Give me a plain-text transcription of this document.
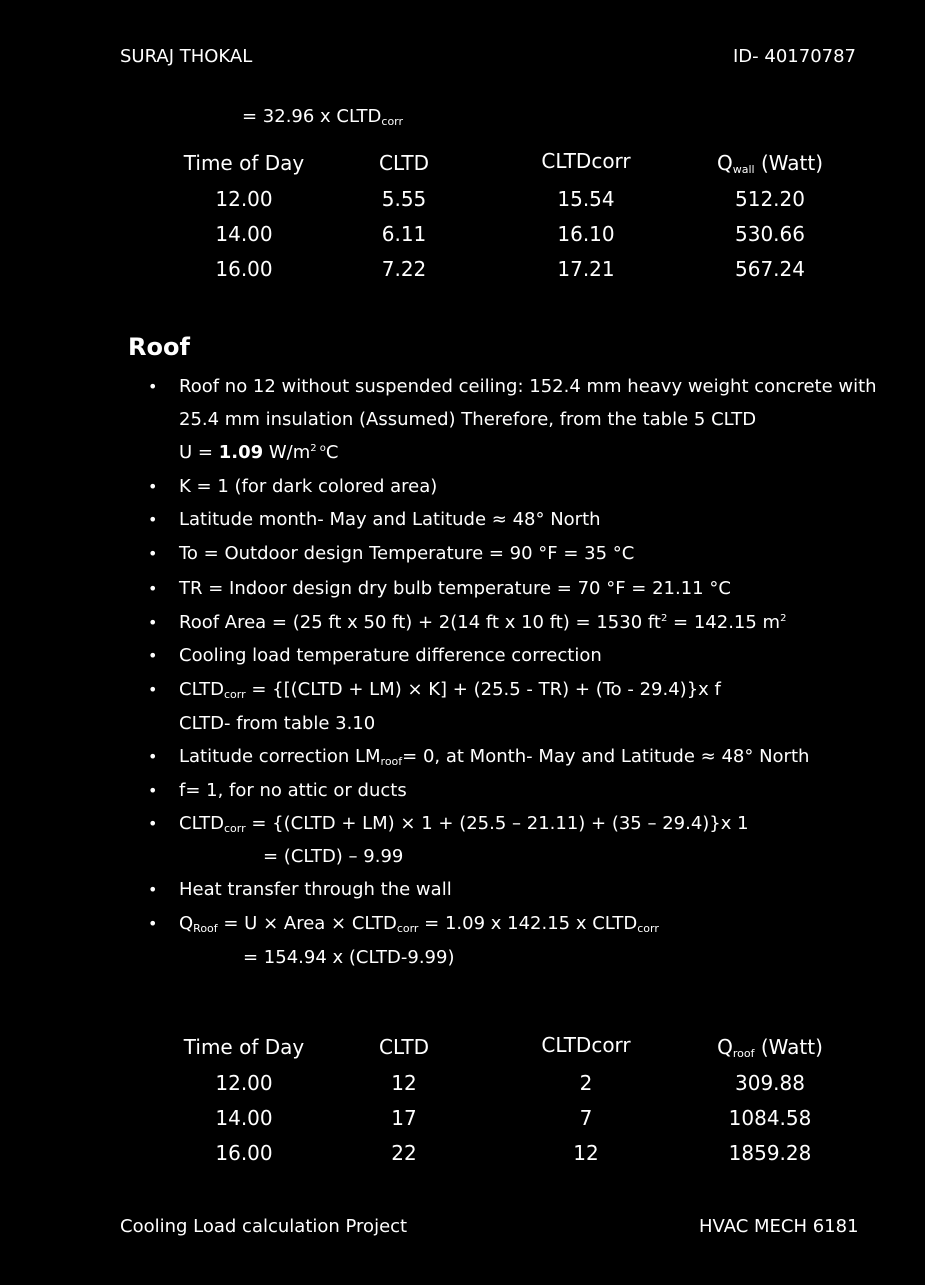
SURAJ THOKAL	ID- 40170787
= 32.96 x $CLTD_{corr}$
Time of Day	CLTD	CLTDcorr	$Q_{wall}$ (Watt)
12.00	5.55	15.54	512.20
14.00	6.11	16.10	530.66
16.00	7.22	17.21	567.24
Roof
• Roof no 12 without suspended ceiling: 152.4 mm heavy weight concrete with
25.4 mm insulation (Assumed) Therefore, from the table 5 CLTD
U = 1.09 $W/m^{2 o}C$
• K = 1 (for dark colored area)
• Latitude month- May and Latitude ≈ 48° North
• To = Outdoor design Temperature = 90 °F = 35 °C
• TR = Indoor design dry bulb temperature = 70 °F = 21.11 °C
• Roof Area = (25 ft x 50 ft) + 2(14 ft x 10 ft) = 1530 $ft^2 = 142.15$ $m^2$
• Cooling load temperature difference correction
• $CLTD_{corr}$ = {[(CLTD + LM) × K] + (25.5 - TR) + (To - 29.4)}x f
CLTD- from table 3.10
• Latitude correction $LM_{roof}= 0$, at Month- May and Latitude ≈ 48° North
• f= 1, for no attic or ducts
• $CLTD_{corr}$ = {(CLTD + LM) × 1 + (25.5 – 21.11) + (35 – 29.4)}x 1
= (CLTD) – 9.99
• Heat transfer through the wall
• $Q_{Roof} = U$ × Area × $CLTD_{corr} = 1.09$ x 142.15 x $CLTD_{corr}$
= 154.94 x (CLTD-9.99)
Time of Day	CLTD	CLTDcorr	$Q_{roof}$ (Watt)
12.00	12	2	309.88
14.00	17	7	1084.58
16.00	22	12	1859.28
Cooling Load calculation Project	HVAC MECH 6181
